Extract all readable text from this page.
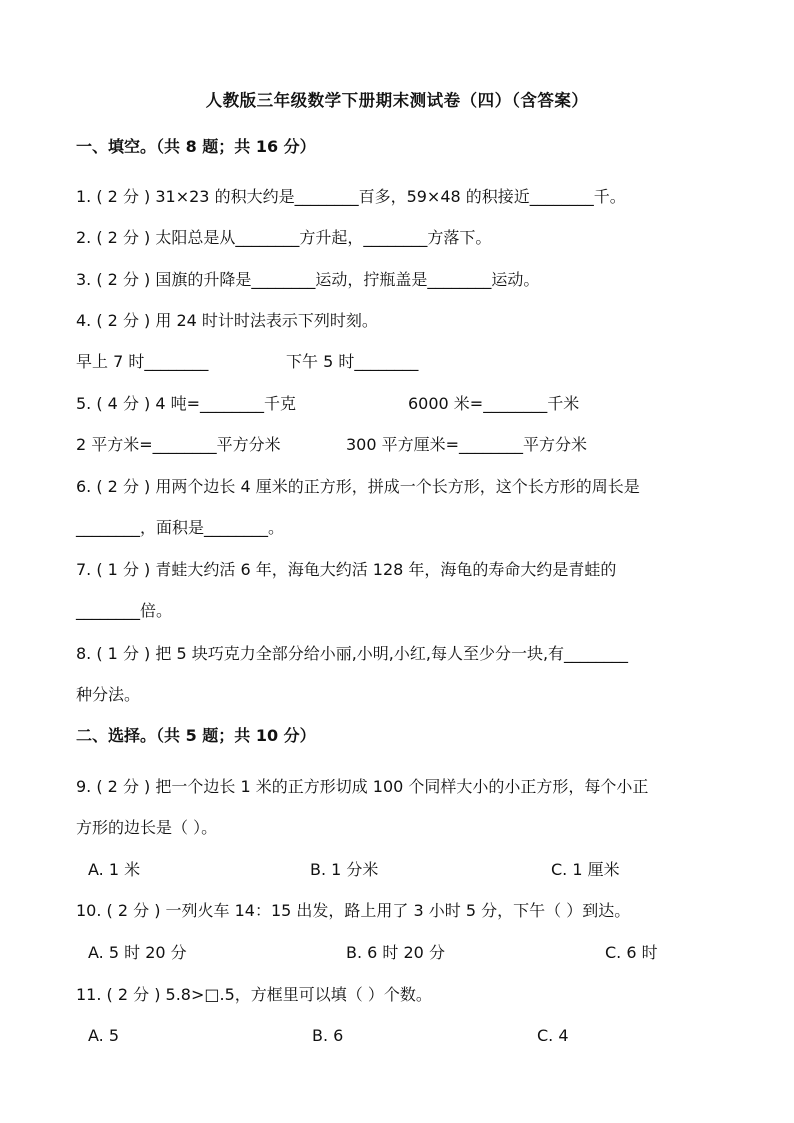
人教版三年级数学下册期末测试卷（四）（含答案）
一、填空。（共 8 题；共 16 分）
1. ( 2 分 ) 31×23 的积大约是________百多，59×48 的积接近________千。
2. ( 2 分 ) 太阳总是从________方升起，________方落下。
3. ( 2 分 ) 国旗的升降是________运动，拧瓶盖是________运动。
4. ( 2 分 ) 用 24 时计时法表示下列时刻。
早上 7 时________	下午 5 时________
5. ( 4 分 ) 4 吨=________千克	6000 米=________千米
2 平方米=________平方分米	300 平方厘米=________平方分米
6. ( 2 分 ) 用两个边长 4 厘米的正方形，拼成一个长方形，这个长方形的周长是
________，面积是________。
7. ( 1 分 ) 青蛙大约活 6 年，海龟大约活 128 年，海龟的寿命大约是青蛙的
________倍。
8. ( 1 分 ) 把 5 块巧克力全部分给小丽,小明,小红,每人至少分一块,有________
种分法。
二、选择。（共 5 题；共 10 分）
9. ( 2 分 ) 把一个边长 1 米的正方形切成 100 个同样大小的小正方形，每个小正
方形的边长是（ ）。
A. 1 米	B. 1 分米	C. 1 厘米
10. ( 2 分 ) 一列火车 14：15 出发，路上用了 3 小时 5 分，下午（ ）到达。
A. 5 时 20 分	B. 6 时 20 分	C. 6 时
11. ( 2 分 ) 5.8>□.5，方框里可以填（ ）个数。
A. 5	B. 6	C. 4
